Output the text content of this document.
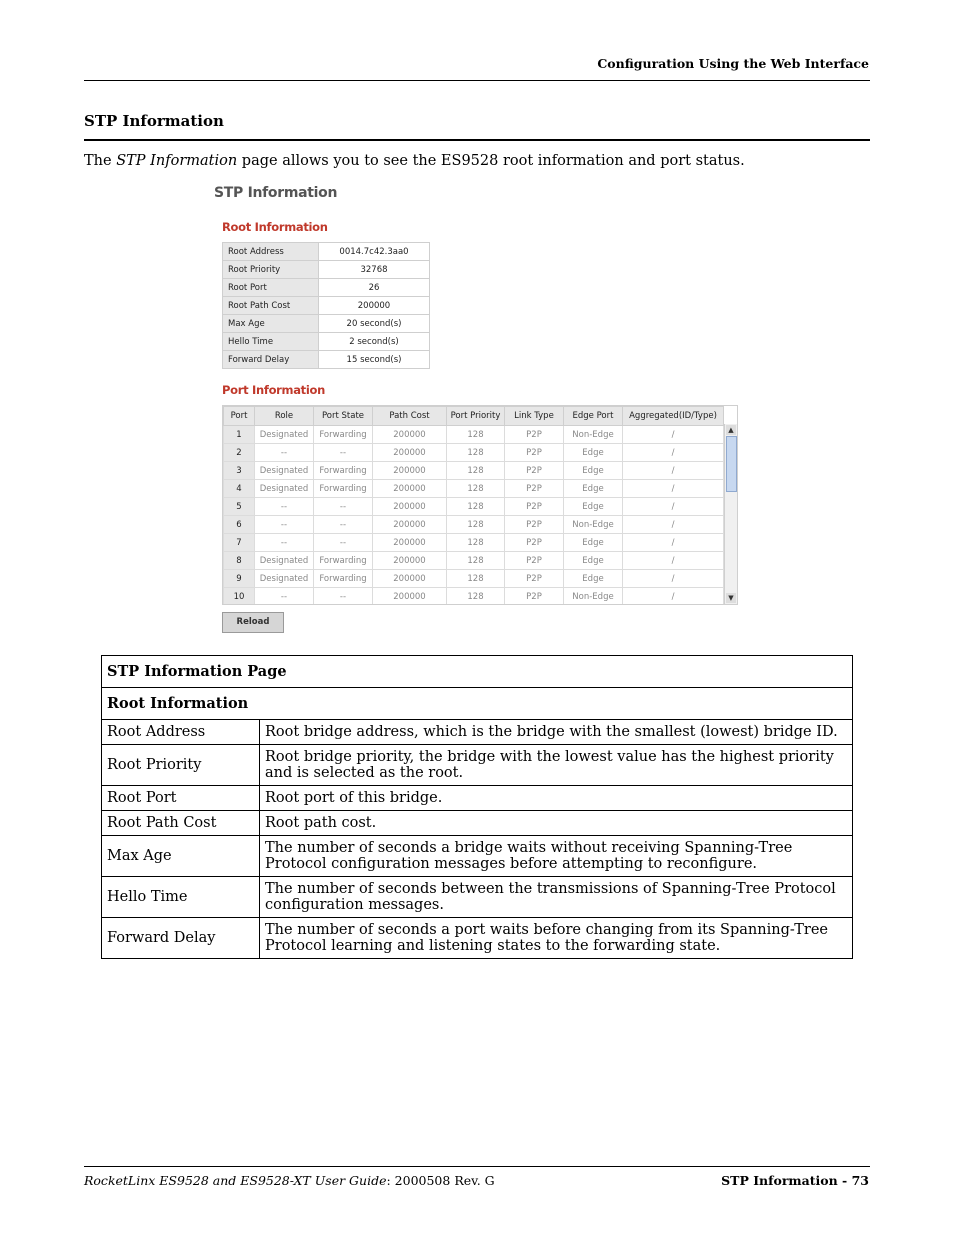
Configuration Using the Web Interface
STP Information
The STP Information page allows you to see the ES9528 root information and port status.
STP Information
Root Information
Root Address	0014.7c42.3aa0
Root Priority	32768
Root Port	26
Root Path Cost	200000
Max Age	20 second(s)
Hello Time	2 second(s)
Forward Delay	15 second(s)
Port Information
Port	Role	Port State	Path Cost	Port Priority	Link Type	Edge Port	Aggregated(ID/Type)
1	Designated	Forwarding	200000	128	P2P	Non-Edge	/
2	--	--	200000	128	P2P	Edge	/
3	Designated	Forwarding	200000	128	P2P	Edge	/
4	Designated	Forwarding	200000	128	P2P	Edge	/
5	--	--	200000	128	P2P	Edge	/
6	--	--	200000	128	P2P	Non-Edge	/
7	--	--	200000	128	P2P	Edge	/
8	Designated	Forwarding	200000	128	P2P	Edge	/
9	Designated	Forwarding	200000	128	P2P	Edge	/
10	--	--	200000	128	P2P	Non-Edge	/
▲
▼
Reload
STP Information Page	
Root Information	
Root Address	Root bridge address, which is the bridge with the smallest (lowest) bridge ID.
Root Priority	Root bridge priority, the bridge with the lowest value has the highest priority and is selected as the root.
Root Port	Root port of this bridge.
Root Path Cost	Root path cost.
Max Age	The number of seconds a bridge waits without receiving Spanning-Tree Protocol configuration messages before attempting to reconfigure.
Hello Time	The number of seconds between the transmissions of Spanning-Tree Protocol configuration messages.
Forward Delay	The number of seconds a port waits before changing from its Spanning-Tree Protocol learning and listening states to the forwarding state.
RocketLinx ES9528 and ES9528-XT User Guide: 2000508 Rev. G	STP Information - 73
